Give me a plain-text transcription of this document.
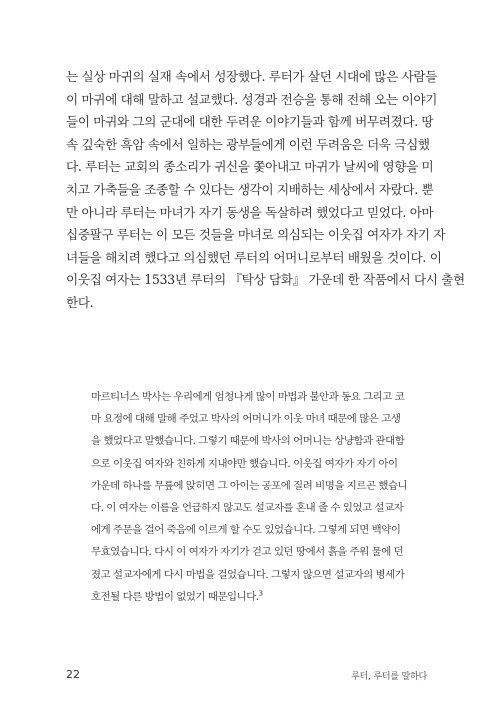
는 실상 마귀의 실재 속에서 성장했다. 루터가 살던 시대에 많은 사람들
이 마귀에 대해 말하고 설교했다. 성경과 전승을 통해 전해 오는 이야기
들이 마귀와 그의 군대에 대한 두려운 이야기들과 함께 버무려졌다. 땅
속 깊숙한 흑암 속에서 일하는 광부들에게 이런 두려움은 더욱 극심했
다. 루터는 교회의 종소리가 귀신을 쫓아내고 마귀가 날씨에 영향을 미
치고 가축들을 조종할 수 있다는 생각이 지배하는 세상에서 자랐다. 뿐
만 아니라 루터는 마녀가 자기 동생을 독살하려 했었다고 믿었다. 아마
십중팔구 루터는 이 모든 것들을 마녀로 의심되는 이웃집 여자가 자기 자
녀들을 해치려 했다고 의심했던 루터의 어머니로부터 배웠을 것이다. 이
이웃집 여자는 1533년 루터의 『탁상 담화』 가운데 한 작품에서 다시 출현
한다.
마르티너스 박사는 우리에게 엄청나게 많이 마법과 불안과 동요 그리고 코
마 요정에 대해 말해 주었고 박사의 어머니가 이웃 마녀 때문에 많은 고생
을 했었다고 말했습니다. 그렇기 때문에 박사의 어머니는 상냥함과 관대함
으로 이웃집 여자와 친하게 지내야만 했습니다. 이웃집 여자가 자기 아이
가운데 하나를 무릎에 앉히면 그 아이는 공포에 질려 비명을 지르곤 했습니
다. 이 여자는 이름을 언급하지 않고도 설교자를 혼내 줄 수 있었고 설교자
에게 주문을 걸어 죽음에 이르게 할 수도 있었습니다. 그렇게 되면 백약이
무효였습니다. 다시 이 여자가 자기가 걷고 있던 땅에서 흙을 주워 물에 던
졌고 설교자에게 다시 마법을 걸었습니다. 그렇지 않으면 설교자의 병세가
호전될 다른 방법이 없었기 때문입니다.$^3$
22	루터, 루터를 말하다
